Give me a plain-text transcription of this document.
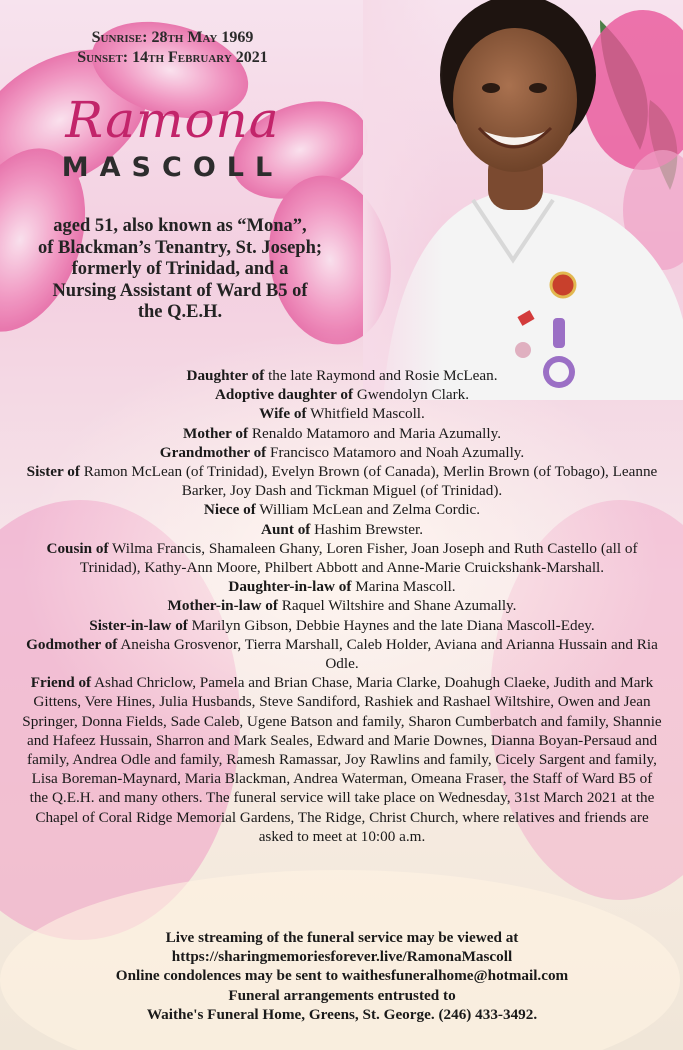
Sunrise: 28th May 1969
Sunset: 14th February 2021
Ramona
MASCOLL
aged 51, also known as “Mona”,
of Blackman’s Tenantry, St. Joseph;
formerly of Trinidad, and a
Nursing Assistant of Ward B5 of
the Q.E.H.

Daughter of the late Raymond and Rosie McLean.

Adoptive daughter of Gwendolyn Clark.

Wife of Whitfield Mascoll.

Mother of Renaldo Matamoro and Maria Azumally.

Grandmother of Francisco Matamoro and Noah Azumally.

Sister of Ramon McLean (of Trinidad), Evelyn Brown (of Canada), Merlin Brown (of Tobago), Leanne Barker, Joy Dash and Tickman Miguel (of Trinidad).

Niece of William McLean and Zelma Cordic.

Aunt of Hashim Brewster.

Cousin of Wilma Francis, Shamaleen Ghany, Loren Fisher, Joan Joseph and Ruth Castello (all of Trinidad), Kathy-Ann Moore, Philbert Abbott and Anne-Marie Cruickshank-Marshall.

Daughter-in-law of Marina Mascoll.

Mother-in-law of Raquel Wiltshire and Shane Azumally.

Sister-in-law of Marilyn Gibson, Debbie Haynes and the late Diana Mascoll-Edey.

Godmother of Aneisha Grosvenor, Tierra Marshall, Caleb Holder, Aviana and Arianna Hussain and Ria Odle.

Friend of Ashad Chriclow, Pamela and Brian Chase, Maria Clarke, Doahugh Claeke, Judith and Mark Gittens, Vere Hines, Julia Husbands, Steve Sandiford, Rashiek and Rashael Wiltshire, Owen and Jean Springer, Donna Fields, Sade Caleb, Ugene Batson and family, Sharon Cumberbatch and family, Shannie and Hafeez Hussain, Sharron and Mark Seales, Edward and Marie Downes, Dianna Boyan-Persaud and family, Andrea Odle and family, Ramesh Ramassar, Joy Rawlins and family, Cicely Sargent and family, Lisa Boreman-Maynard, Maria Blackman, Andrea Waterman, Omeana Fraser, the Staff of Ward B5 of the Q.E.H. and many others. The funeral service will take place on Wednesday, 31st March 2021 at the Chapel of Coral Ridge Memorial Gardens, The Ridge, Christ Church, where relatives and friends are asked to meet at 10:00 a.m.

Live streaming of the funeral service may be viewed at

https://sharingmemoriesforever.live/RamonaMascoll

Online condolences may be sent to waithesfuneralhome@hotmail.com

Funeral arrangements entrusted to

Waithe's Funeral Home, Greens, St. George. (246) 433-3492.
